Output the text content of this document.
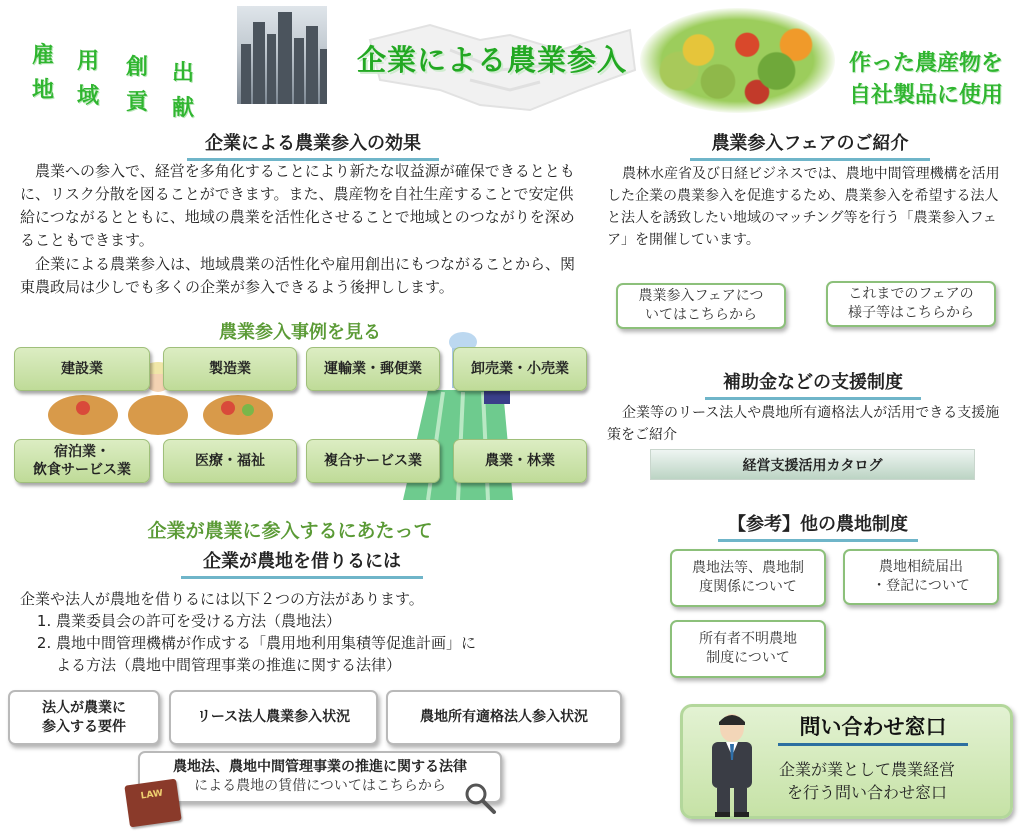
雇
地
用
域
創
貢
出
献
企業による農業参入	作った農産物を
自社製品に使用
企業による農業参入の効果
農業への参入で、経営を多角化することにより新たな収益源が確保できるとともに、リスク分散を図ることができます。また、農産物を自社生産することで安定供給につながるとともに、地域の農業を活性化させることで地域とのつながりを深めることもできます。
企業による農業参入は、地域農業の活性化や雇用創出にもつながることから、関東農政局は少しでも多くの企業が参入できるよう後押しします。
農業参入事例を見る
建設業	製造業	運輸業・郵便業	卸売業・小売業
宿泊業・
飲食サービス業
医療・福祉	複合サービス業	農業・林業
企業が農業に参入するにあたって
企業が農地を借りるには
企業や法人が農地を借りるには以下２つの方法があります。
1. 農業委員会の許可を受ける方法（農地法）
2. 農地中間管理機構が作成する「農用地利用集積等促進計画」に
よる方法（農地中間管理事業の推進に関する法律）
法人が農業に
参入する要件
リース法人農業参入状況	農地所有適格法人参入状況
農地法、農地中間管理事業の推進に関する法律
による農地の賃借についてはこちらから
LAW
農業参入フェアのご紹介
農林水産省及び日経ビジネスでは、農地中間管理機構を活用した企業の農業参入を促進するため、農業参入を希望する法人と法人を誘致したい地域のマッチング等を行う「農業参入フェア」を開催しています。
農業参入フェアにつ
いてはこちらから
これまでのフェアの
様子等はこちらから
補助金などの支援制度
企業等のリース法人や農地所有適格法人が活用できる支援施策をご紹介
経営支援活用カタログ
【参考】他の農地制度
農地法等、農地制
度関係について
農地相続届出
・登記について
所有者不明農地
制度について
問い合わせ窓口
企業が業として農業経営
を行う問い合わせ窓口
